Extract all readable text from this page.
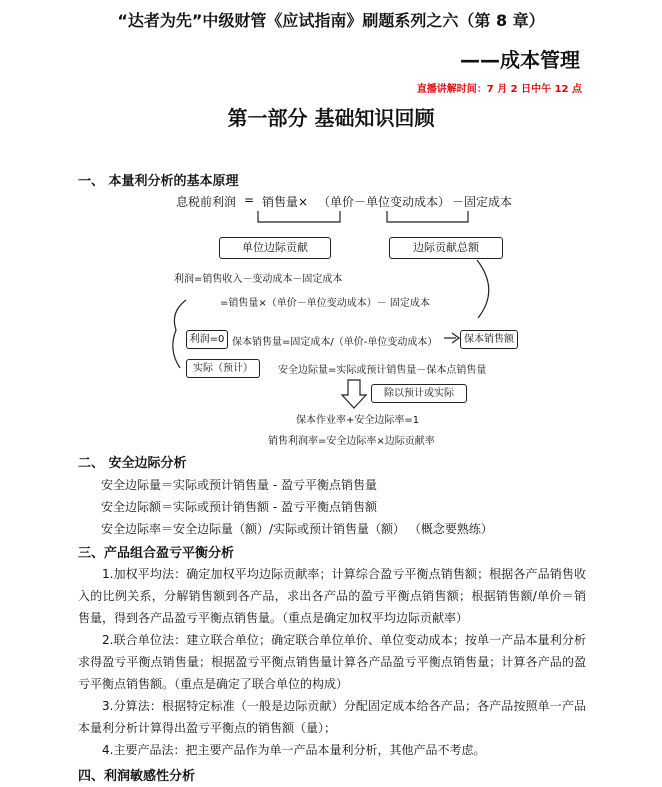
“达者为先”中级财管《应试指南》刷题系列之六（第 8 章）
——成本管理
直播讲解时间：7 月 2 日中午 12 点
第一部分 基础知识回顾
一、 本量利分析的基本原理
息税前利润 = 销售量× （单价－单位变动成本） －固定成本
单位边际贡献	边际贡献总额
利润=销售收入－变动成本－固定成本
=销售量×（单价－单位变动成本）－ 固定成本
利润=0 保本销售量=固定成本/（单价-单位变动成本）	保本销售额
实际（预计）	安全边际量=实际或预计销售量－保本点销售量
除以预计或实际
保本作业率+安全边际率=1
销售利润率=安全边际率×边际贡献率
二、 安全边际分析
安全边际量＝实际或预计销售量 - 盈亏平衡点销售量
安全边际额＝实际或预计销售额 - 盈亏平衡点销售额
安全边际率＝安全边际量（额）/实际或预计销售量（额） （概念要熟练）
三、产品组合盈亏平衡分析
1.加权平均法：确定加权平均边际贡献率；计算综合盈亏平衡点销售额；根据各产品销售收入的比例关系，分解销售额到各产品，求出各产品的盈亏平衡点销售额；根据销售额/单价＝销售量，得到各产品盈亏平衡点销售量。（重点是确定加权平均边际贡献率）
2.联合单位法：建立联合单位；确定联合单位单价、单位变动成本；按单一产品本量利分析求得盈亏平衡点销售量；根据盈亏平衡点销售量计算各产品盈亏平衡点销售量；计算各产品的盈亏平衡点销售额。（重点是确定了联合单位的构成）
3.分算法：根据特定标准（一般是边际贡献）分配固定成本给各产品；各产品按照单一产品本量利分析计算得出盈亏平衡点的销售额（量）；
4.主要产品法：把主要产品作为单一产品本量利分析，其他产品不考虑。
四、利润敏感性分析
